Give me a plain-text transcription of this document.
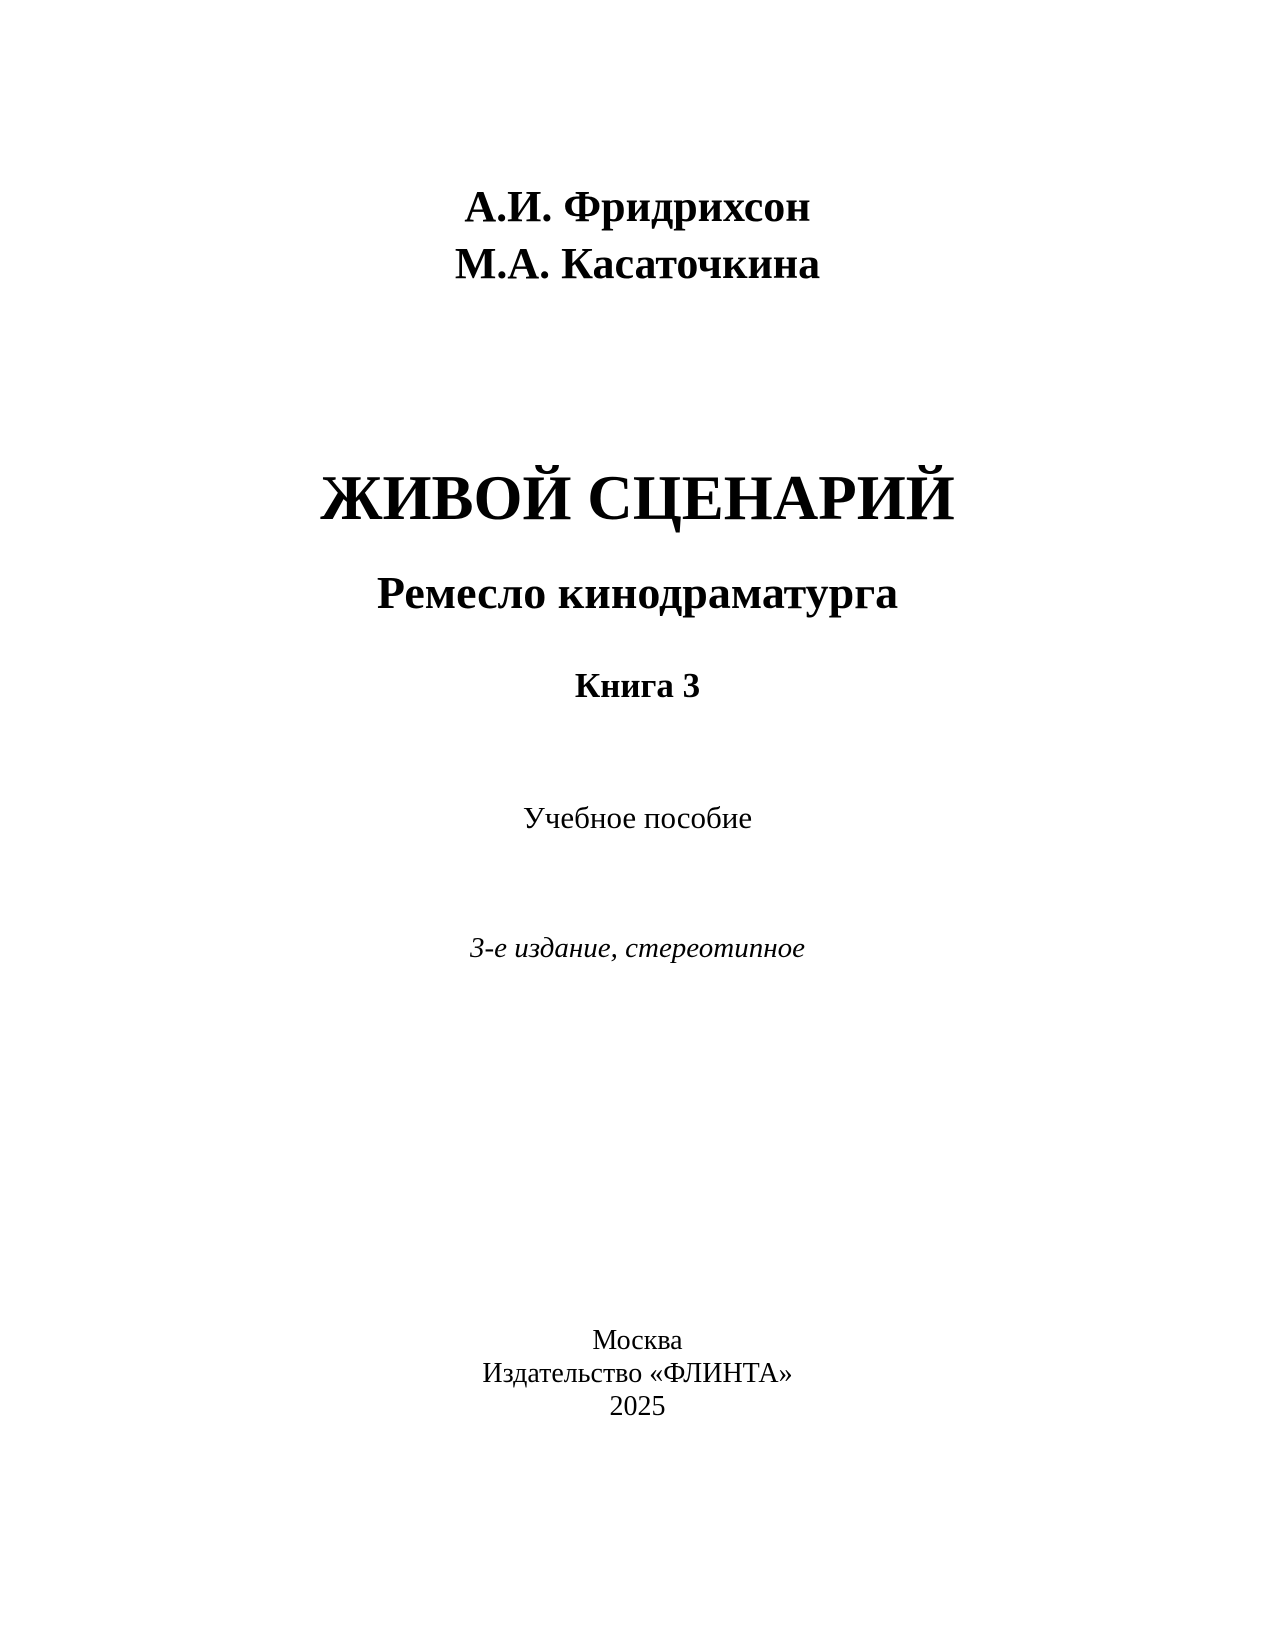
А.И. Фридрихсон
М.А. Касаточкина
ЖИВОЙ СЦЕНАРИЙ
Ремесло кинодраматурга
Книга 3
Учебное пособие
3-е издание, стереотипное
Москва
Издательство «ФЛИНТА»
2025
